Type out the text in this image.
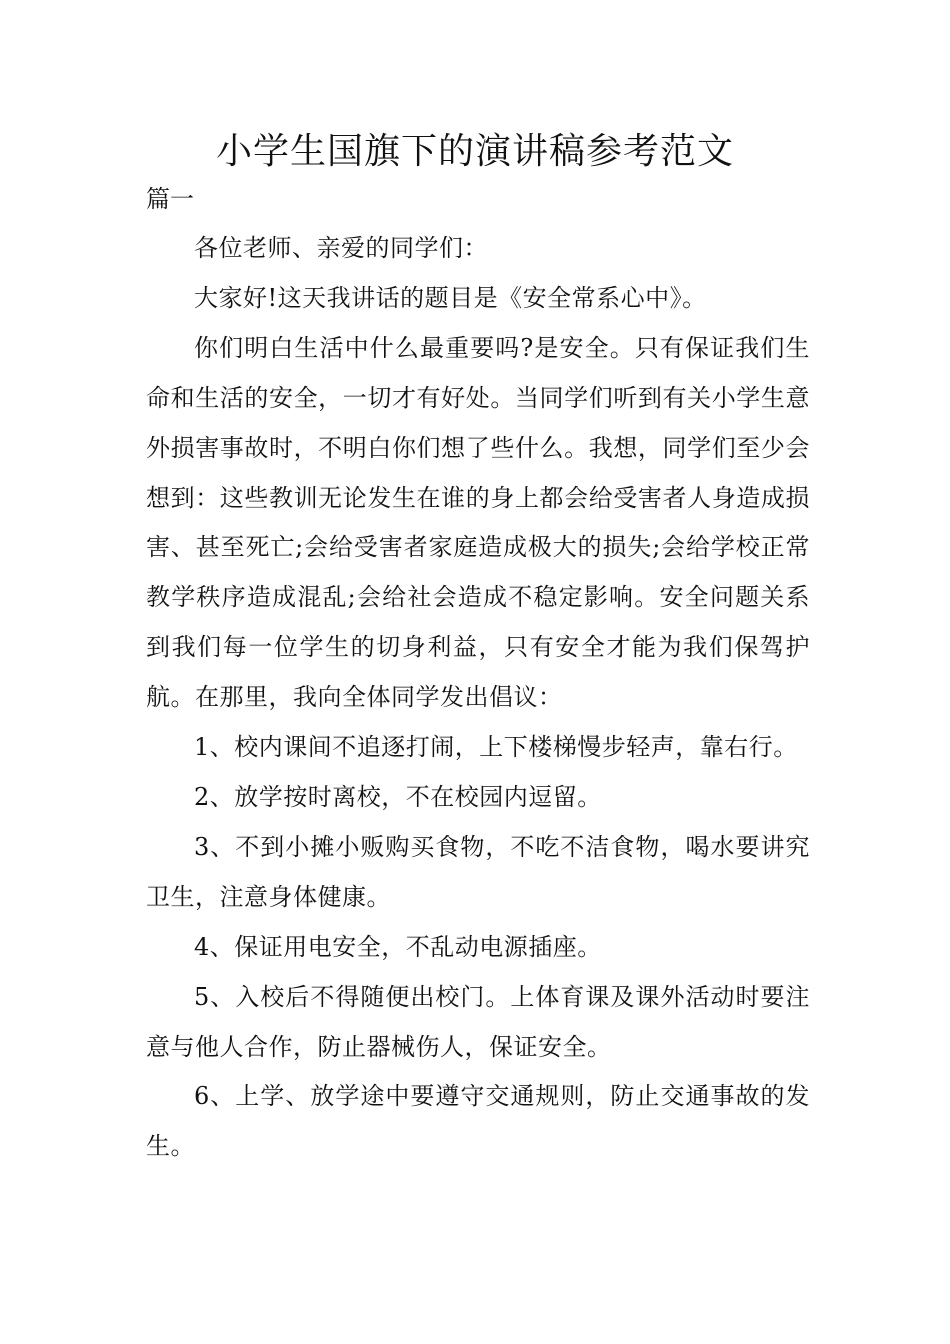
小学生国旗下的演讲稿参考范文
篇一

各位老师、亲爱的同学们：

大家好!这天我讲话的题目是《安全常系心中》。

你们明白生活中什么最重要吗?是安全。只有保证我们生命和生活的安全，一切才有好处。当同学们听到有关小学生意外损害事故时，不明白你们想了些什么。我想，同学们至少会想到：这些教训无论发生在谁的身上都会给受害者人身造成损害、甚至死亡;会给受害者家庭造成极大的损失;会给学校正常教学秩序造成混乱;会给社会造成不稳定影响。安全问题关系到我们每一位学生的切身利益，只有安全才能为我们保驾护航。在那里，我向全体同学发出倡议：

1、校内课间不追逐打闹，上下楼梯慢步轻声，靠右行。

2、放学按时离校，不在校园内逗留。

3、不到小摊小贩购买食物，不吃不洁食物，喝水要讲究卫生，注意身体健康。

4、保证用电安全，不乱动电源插座。

5、入校后不得随便出校门。上体育课及课外活动时要注意与他人合作，防止器械伤人，保证安全。

6、上学、放学途中要遵守交通规则，防止交通事故的发生。
